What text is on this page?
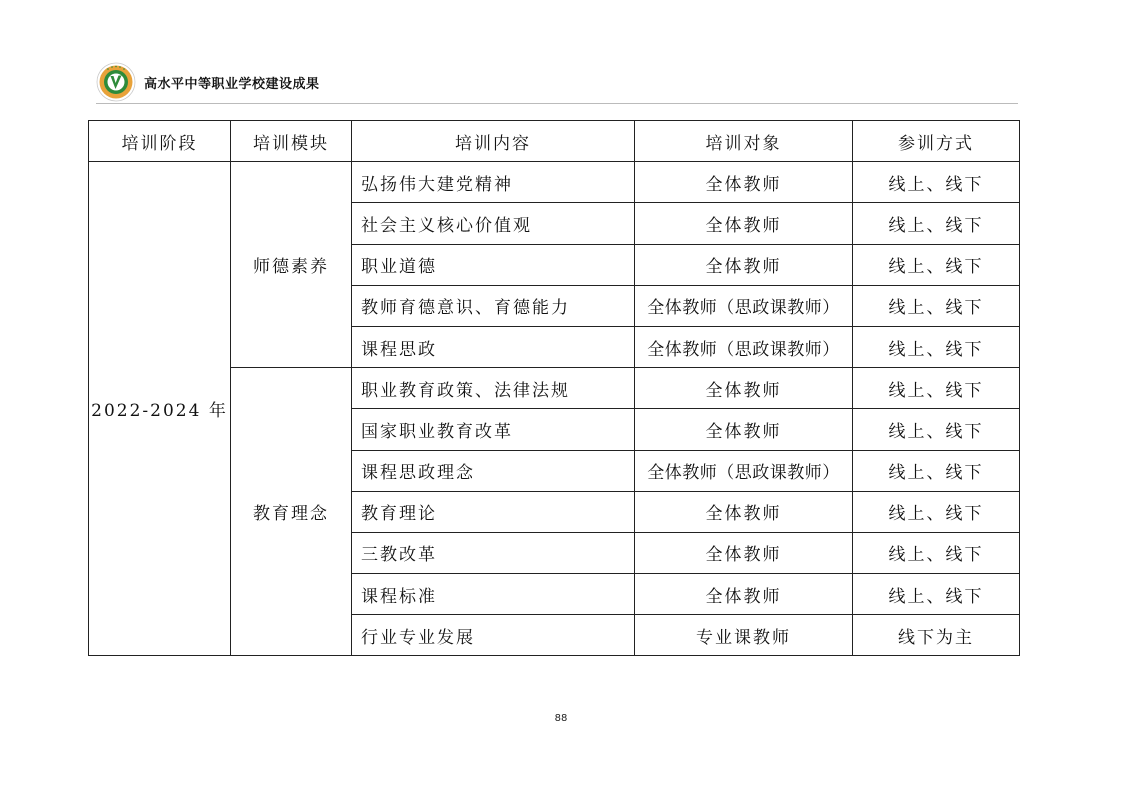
高水平中等职业学校建设成果
培训阶段	培训模块	培训内容	培训对象	参训方式
2022-2024 年	师德素养	弘扬伟大建党精神	全体教师	线上、线下
		社会主义核心价值观	全体教师	线上、线下
		职业道德	全体教师	线上、线下
		教师育德意识、育德能力	全体教师（思政课教师）	线上、线下
		课程思政	全体教师（思政课教师）	线上、线下
	教育理念	职业教育政策、法律法规	全体教师	线上、线下
		国家职业教育改革	全体教师	线上、线下
		课程思政理念	全体教师（思政课教师）	线上、线下
		教育理论	全体教师	线上、线下
		三教改革	全体教师	线上、线下
		课程标准	全体教师	线上、线下
		行业专业发展	专业课教师	线下为主
88
